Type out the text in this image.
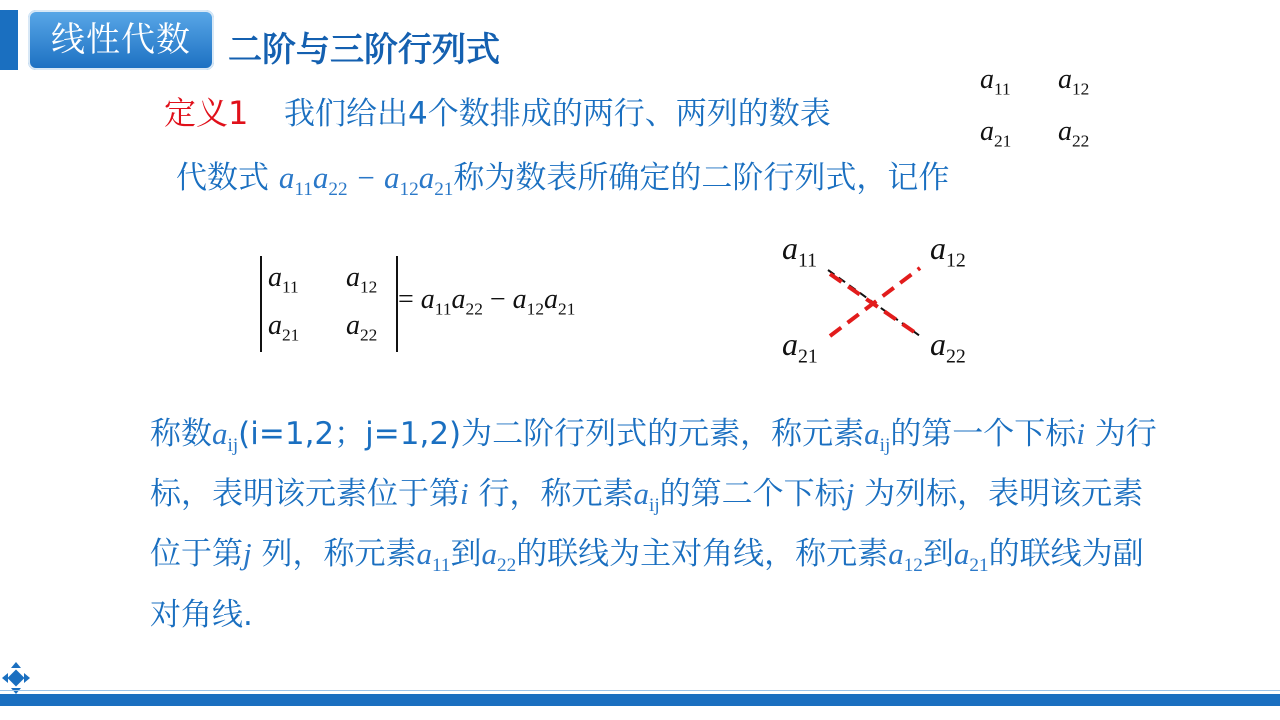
线性代数	二阶与三阶行列式
定义1 我们给出4个数排成的两行、两列的数表
$a_{11}$ $a_{12}$
$a_{21}$ $a_{22}$
代数式 $a_{11}a_{22} - a_{12}a_{21}$称为数表所确定的二阶行列式，记作
$a_{11}$ $a_{12}$
$a_{21}$ $a_{22}$
= $a_{11}a_{22} - a_{12}a_{21}$
$a_{11}$	$a_{12}$
$a_{21}$	$a_{22}$
称数$a_{ij}(i=1,2$；j=1,2)为二阶行列式的元素，称元素$a_{ij}$的第一个下标i 为行标，表明该元素位于第i 行，称元素$a_{ij}$的第二个下标j 为列标，表明该元素位于第j 列，称元素$a_{11}$到$a_{22}$的联线为主对角线，称元素$a_{12}$到$a_{21}$的联线为副对角线.
